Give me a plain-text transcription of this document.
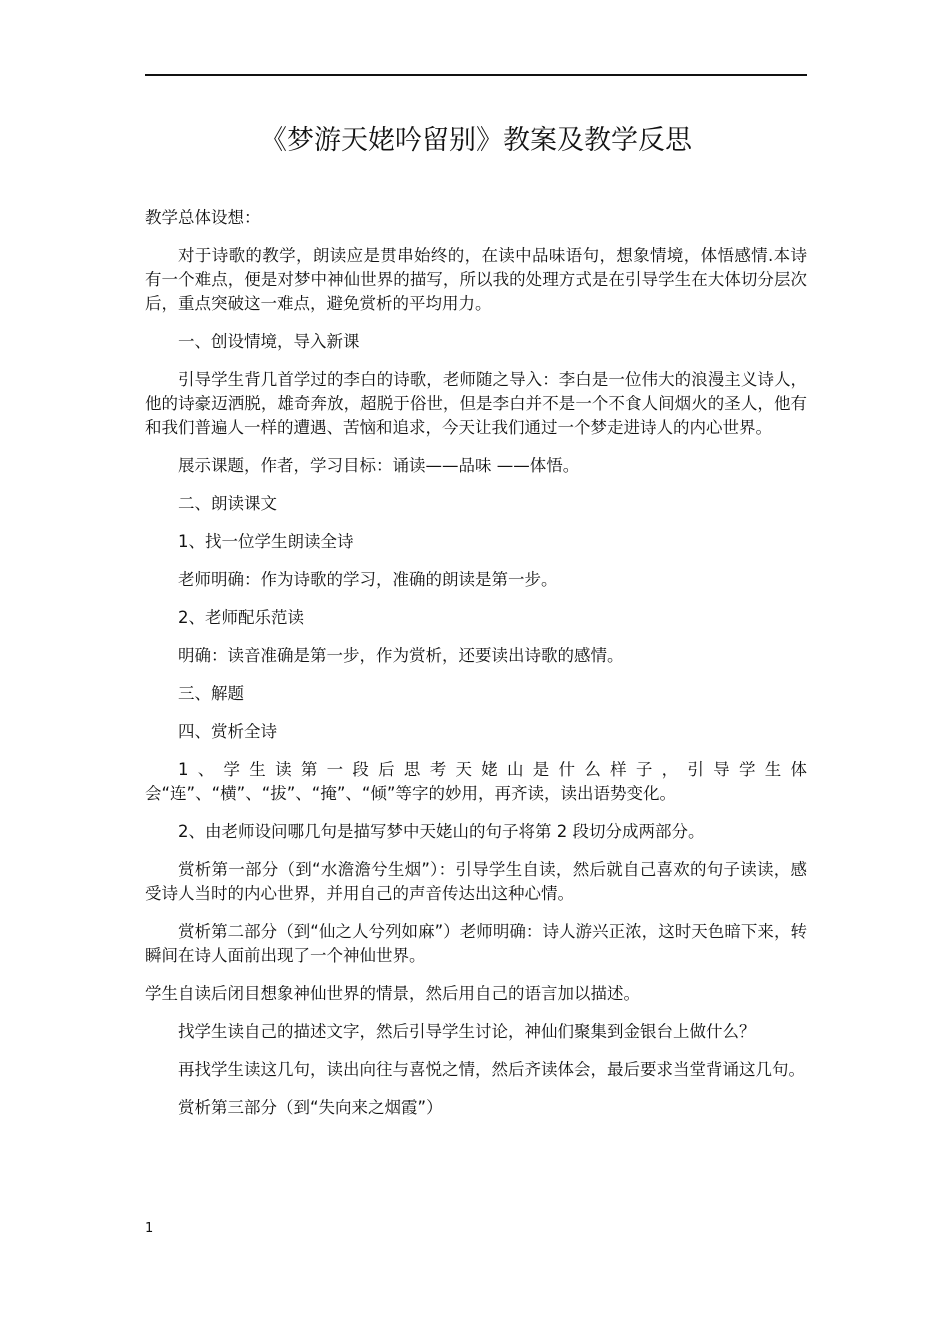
《梦游天姥吟留别》教案及教学反思

教学总体设想：

对于诗歌的教学，朗读应是贯串始终的，在读中品味语句，想象情境，体悟感情.本诗有一个难点，便是对梦中神仙世界的描写，所以我的处理方式是在引导学生在大体切分层次后，重点突破这一难点，避免赏析的平均用力。

一、创设情境，导入新课

引导学生背几首学过的李白的诗歌，老师随之导入：李白是一位伟大的浪漫主义诗人，他的诗豪迈洒脱，雄奇奔放，超脱于俗世，但是李白并不是一个不食人间烟火的圣人，他有和我们普遍人一样的遭遇、苦恼和追求，今天让我们通过一个梦走进诗人的内心世界。

展示课题，作者，学习目标：诵读——品味 ——体悟。

二、朗读课文

1、找一位学生朗读全诗

老师明确：作为诗歌的学习，准确的朗读是第一步。

2、老师配乐范读

明确：读音准确是第一步，作为赏析，还要读出诗歌的感情。

三、解题

四、赏析全诗

1、学生读第一段后思考天姥山是什么样子，引导学生体会“连”、“横”、“拔”、“掩”、“倾”等字的妙用，再齐读，读出语势变化。

2、由老师设问哪几句是描写梦中天姥山的句子将第 2 段切分成两部分。

赏析第一部分（到“水澹澹兮生烟”）：引导学生自读，然后就自己喜欢的句子读读，感受诗人当时的内心世界，并用自己的声音传达出这种心情。

赏析第二部分（到“仙之人兮列如麻”）老师明确：诗人游兴正浓，这时天色暗下来，转瞬间在诗人面前出现了一个神仙世界。

学生自读后闭目想象神仙世界的情景，然后用自己的语言加以描述。

找学生读自己的描述文字，然后引导学生讨论，神仙们聚集到金银台上做什么？

再找学生读这几句，读出向往与喜悦之情，然后齐读体会，最后要求当堂背诵这几句。

赏析第三部分（到“失向来之烟霞”）

1
